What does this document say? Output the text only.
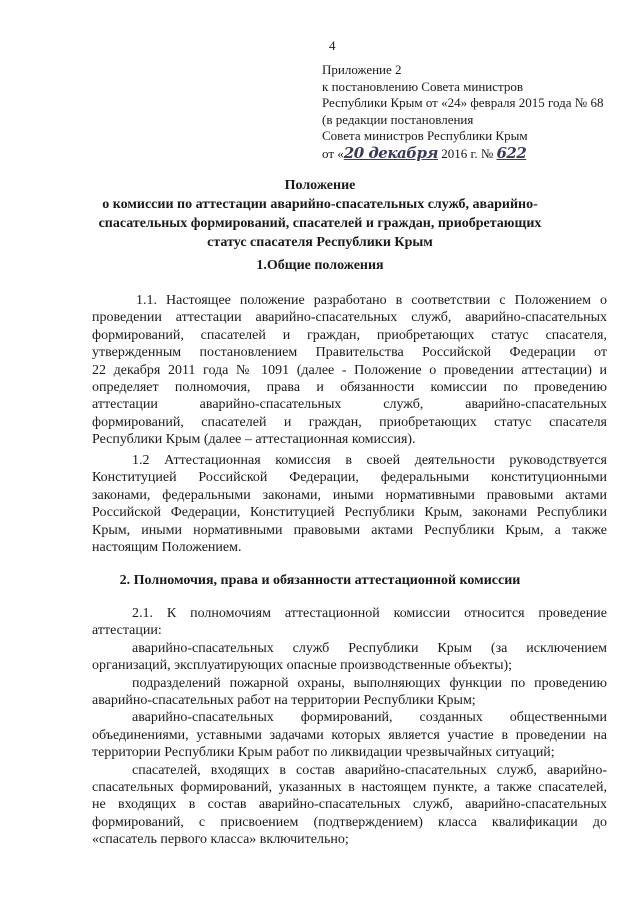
4
Приложение 2
к постановлению Совета министров
Республики Крым от «24» февраля 2015 года № 68
(в редакции постановления
Совета министров Республики Крым
от «20 декабря 2016 г. № 622
Положение
о комиссии по аттестации аварийно-спасательных служб, аварийно-
спасательных формирований, спасателей и граждан, приобретающих
статус спасателя Республики Крым
1.Общие положения
1.1. Настоящее положение разработано в соответствии с Положением о
проведении аттестации аварийно-спасательных служб, аварийно-спасательных
формирований, спасателей и граждан, приобретающих статус спасателя,
утвержденным постановлением Правительства Российской Федерации от
22 декабря 2011 года № 1091 (далее - Положение о проведении аттестации) и
определяет полномочия, права и обязанности комиссии по проведению
аттестации аварийно-спасательных служб, аварийно-спасательных
формирований, спасателей и граждан, приобретающих статус спасателя
Республики Крым (далее – аттестационная комиссия).
1.2 Аттестационная комиссия в своей деятельности руководствуется
Конституцией Российской Федерации, федеральными конституционными
законами, федеральными законами, иными нормативными правовыми актами
Российской Федерации, Конституцией Республики Крым, законами Республики
Крым, иными нормативными правовыми актами Республики Крым, а также
настоящим Положением.
2. Полномочия, права и обязанности аттестационной комиссии
2.1. К полномочиям аттестационной комиссии относится проведение
аттестации:
аварийно-спасательных служб Республики Крым (за исключением
организаций, эксплуатирующих опасные производственные объекты);
подразделений пожарной охраны, выполняющих функции по проведению
аварийно-спасательных работ на территории Республики Крым;
аварийно-спасательных формирований, созданных общественными
объединениями, уставными задачами которых является участие в проведении на
территории Республики Крым работ по ликвидации чрезвычайных ситуаций;
спасателей, входящих в состав аварийно-спасательных служб, аварийно-
спасательных формирований, указанных в настоящем пункте, а также спасателей,
не входящих в состав аварийно-спасательных служб, аварийно-спасательных
формирований, с присвоением (подтверждением) класса квалификации до
«спасатель первого класса» включительно;
